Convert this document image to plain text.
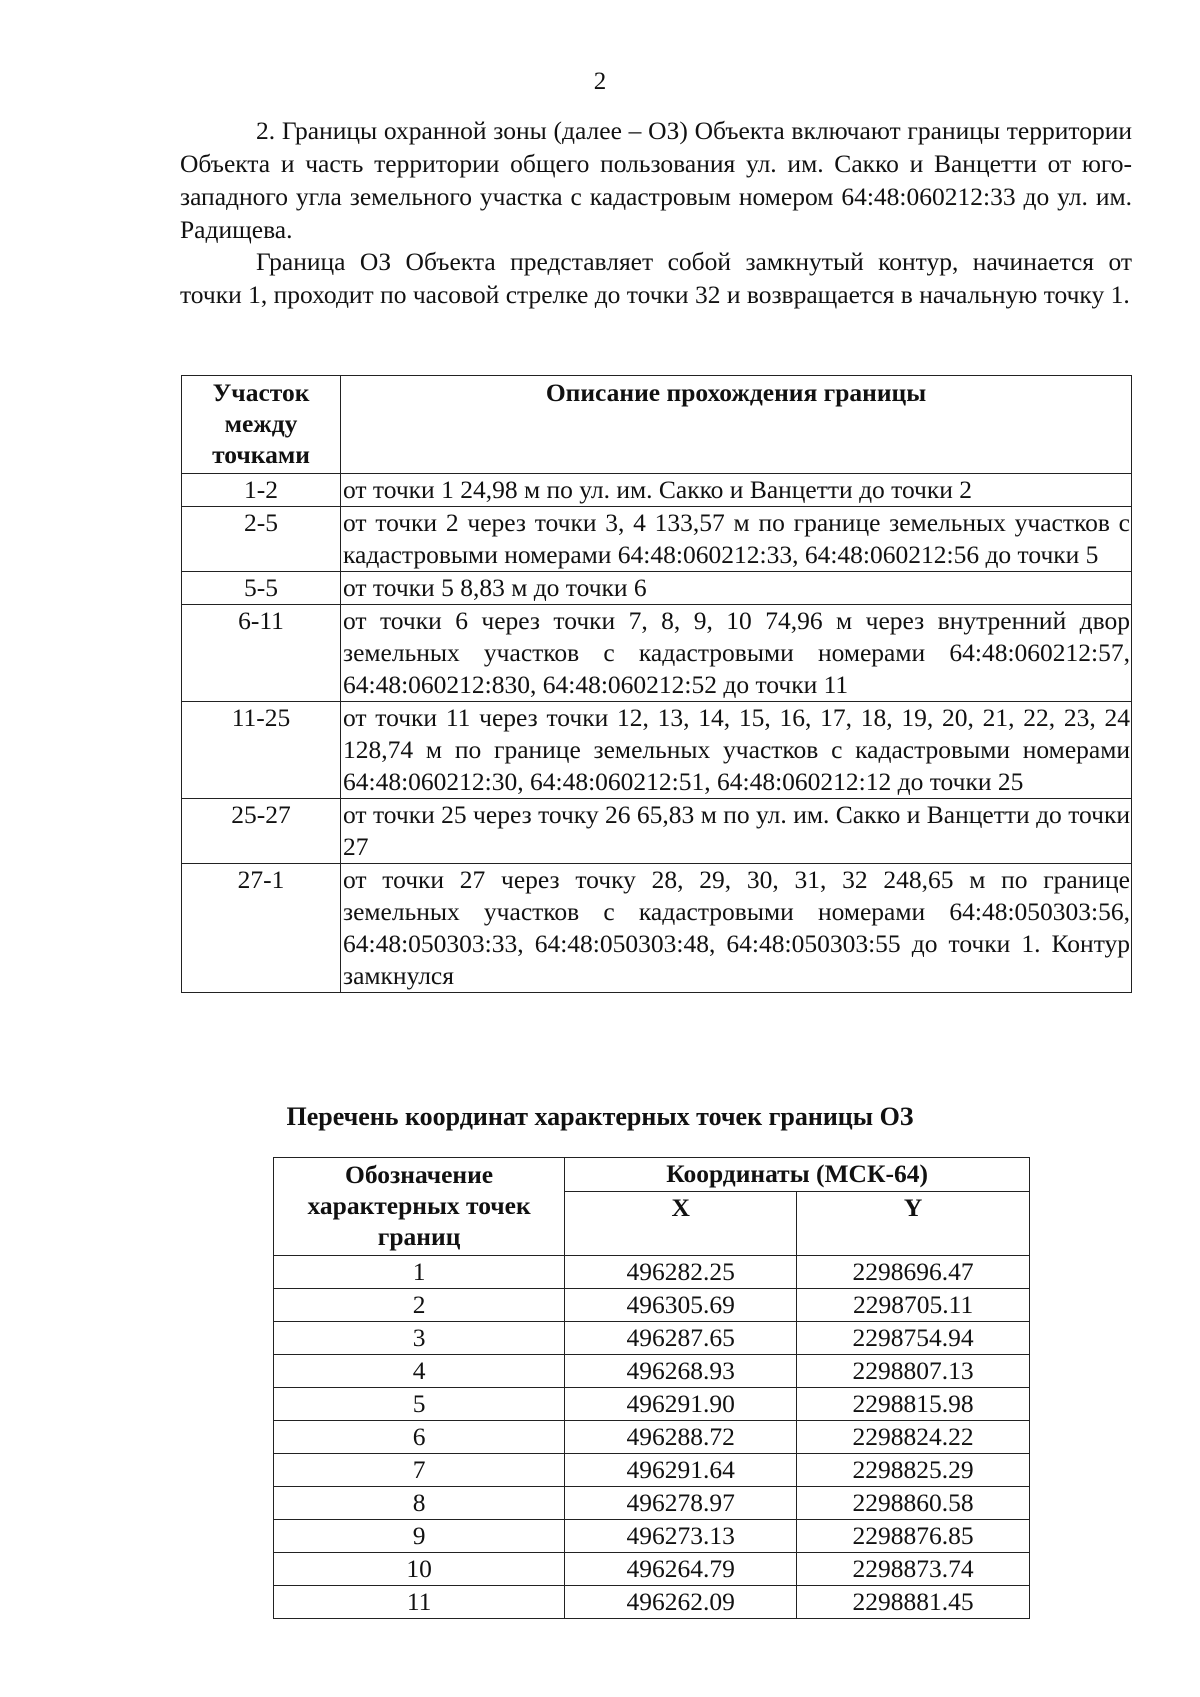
2

2. Границы охранной зоны (далее – ОЗ) Объекта включают границы территории Объекта и часть территории общего пользования ул. им. Сакко и Ванцетти от юго-западного угла земельного участка с кадастровым номером 64:48:060212:33 до ул. им. Радищева.

Граница ОЗ Объекта представляет собой замкнутый контур, начинается от точки 1, проходит по часовой стрелке до точки 32 и возвращается в начальную точку 1.

Участок между точками	Описание прохождения границы
1-2	от точки 1 24,98 м по ул. им. Сакко и Ванцетти до точки 2
2-5	от точки 2 через точки 3, 4 133,57 м по границе земельных участков с кадастровыми номерами 64:48:060212:33, 64:48:060212:56 до точки 5
5-5	от точки 5 8,83 м до точки 6
6-11	от точки 6 через точки 7, 8, 9, 10 74,96 м через внутренний двор земельных участков с кадастровыми номерами 64:48:060212:57, 64:48:060212:830, 64:48:060212:52 до точки 11
11-25	от точки 11 через точки 12, 13, 14, 15, 16, 17, 18, 19, 20, 21, 22, 23, 24 128,74 м по границе земельных участков с кадастровыми номерами 64:48:060212:30, 64:48:060212:51, 64:48:060212:12 до точки 25
25-27	от точки 25 через точку 26 65,83 м по ул. им. Сакко и Ванцетти до точки 27
27-1	от точки 27 через точку 28, 29, 30, 31, 32 248,65 м по границе земельных участков с кадастровыми номерами 64:48:050303:56, 64:48:050303:33, 64:48:050303:48, 64:48:050303:55 до точки 1. Контур замкнулся
Перечень координат характерных точек границы ОЗ
Обозначение характерных точек границ	Координаты (МСК-64)	
	X	Y
1	496282.25	2298696.47
2	496305.69	2298705.11
3	496287.65	2298754.94
4	496268.93	2298807.13
5	496291.90	2298815.98
6	496288.72	2298824.22
7	496291.64	2298825.29
8	496278.97	2298860.58
9	496273.13	2298876.85
10	496264.79	2298873.74
11	496262.09	2298881.45
